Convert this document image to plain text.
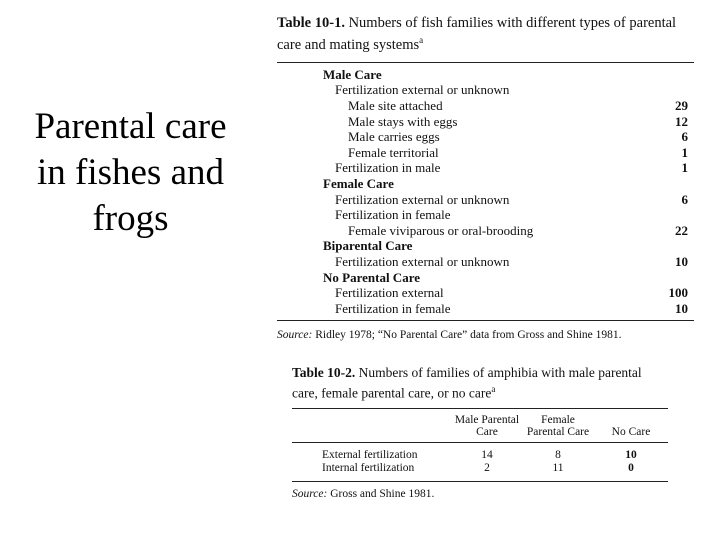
Parental care
in fishes and
frogs
Table 10-1. Numbers of fish families with different types of parental care and mating systems$^a$
Male Care
Fertilization external or unknown
Male site attached	29
Male stays with eggs	12
Male carries eggs	6
Female territorial	1
Fertilization in male	1
Female Care
Fertilization external or unknown	6
Fertilization in female
Female viviparous or oral-brooding	22
Biparental Care
Fertilization external or unknown	10
No Parental Care
Fertilization external	100
Fertilization in female	10
Source: Ridley 1978; “No Parental Care” data from Gross and Shine 1981.
Table 10-2. Numbers of families of amphibia with male parental care, female parental care, or no care$^a$
	Male Parental Care	Female Parental Care	No Care
External fertilization	14	8	10
Internal fertilization	2	11	0
Source: Gross and Shine 1981.
